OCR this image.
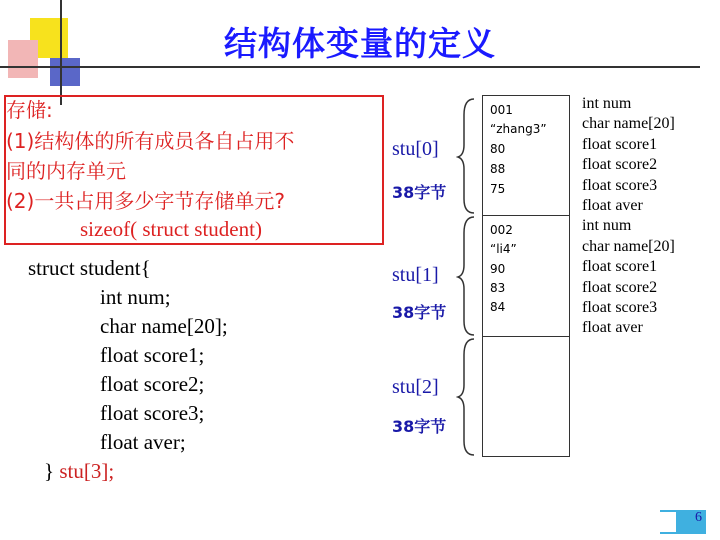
结构体变量的定义
存储:
(1)结构体的所有成员各自占用不
同的内存单元
(2)一共占用多少字节存储单元?
sizeof( struct student)
struct student{
int num;
char name[20];
float score1;
float score2;
float score3;
float aver;
} stu[3];
stu[0]
38字节
stu[1]
38字节
stu[2]
38字节
001
“zhang3”
80
88
75
002
“li4”
90
83
84
int num
char name[20]
float score1
float score2
float score3
float aver
int num
char name[20]
float score1
float score2
float score3
float aver
6
